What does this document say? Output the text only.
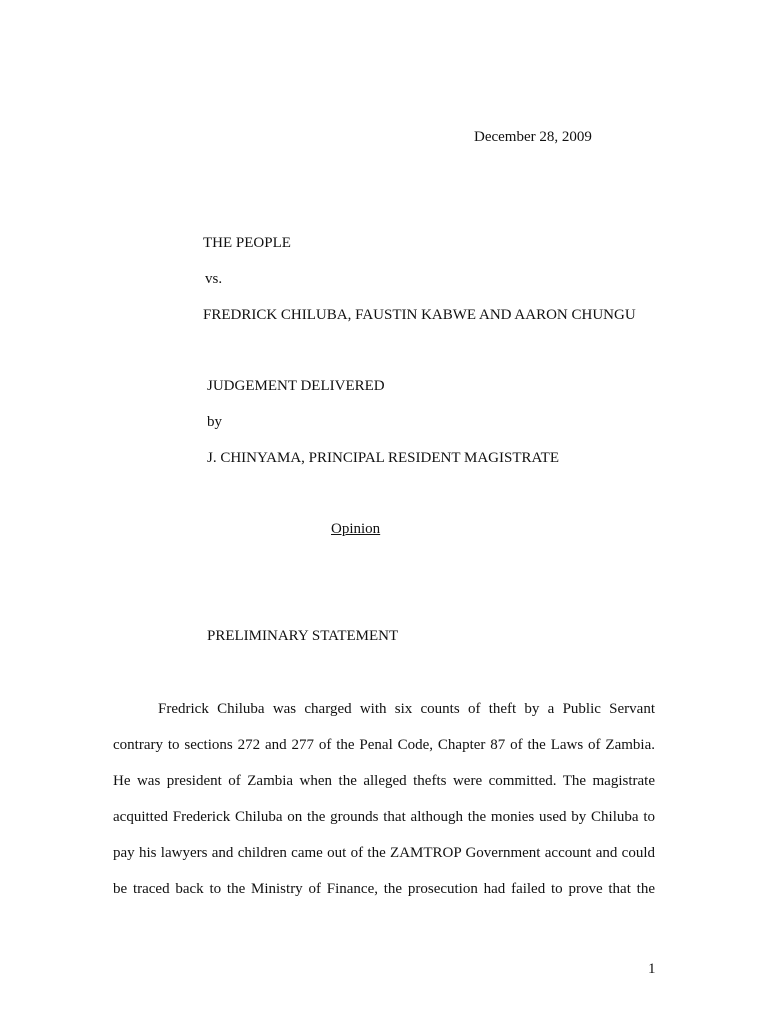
December 28, 2009
THE PEOPLE
vs.
FREDRICK CHILUBA, FAUSTIN KABWE AND AARON CHUNGU
JUDGEMENT DELIVERED
by
J. CHINYAMA, PRINCIPAL RESIDENT MAGISTRATE
Opinion
PRELIMINARY STATEMENT
Fredrick Chiluba was charged with six counts of theft by a Public Servant
contrary to sections 272 and 277 of the Penal Code, Chapter 87 of the Laws of Zambia.
He was president of Zambia when the alleged thefts were committed. The magistrate
acquitted Frederick Chiluba on the grounds that although the monies used by Chiluba to
pay his lawyers and children came out of the ZAMTROP Government account and could
be traced back to the Ministry of Finance, the prosecution had failed to prove that the
1
